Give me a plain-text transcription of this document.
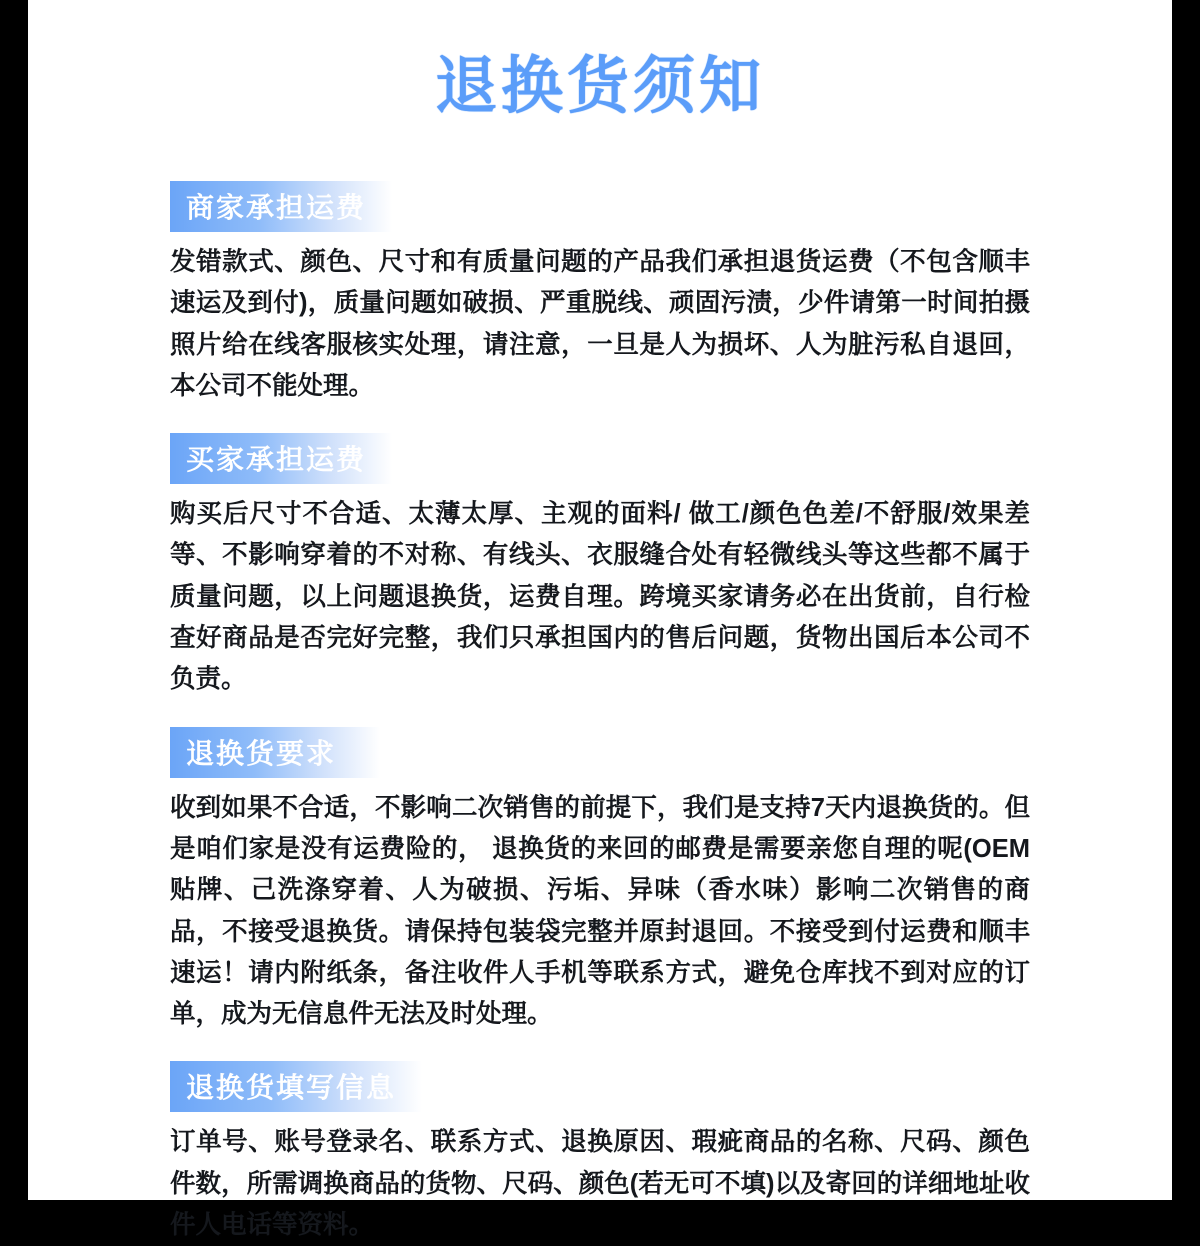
退换货须知
商家承担运费

发错款式、颜色、尺寸和有质量问题的产品我们承担退货运费（不包含顺丰速运及到付)，质量问题如破损、严重脱线、顽固污渍，少件请第一时间拍摄照片给在线客服核实处理，请注意，一旦是人为损坏、人为脏污私自退回，本公司不能处理。

买家承担运费

购买后尺寸不合适、太薄太厚、主观的面料/ 做工/颜色色差/不舒服/效果差等、不影响穿着的不对称、有线头、衣服缝合处有轻微线头等这些都不属于质量问题，以上问题退换货，运费自理。跨境买家请务必在出货前，自行检查好商品是否完好完整，我们只承担国内的售后问题，货物出国后本公司不负责。

退换货要求

收到如果不合适，不影响二次销售的前提下，我们是支持7天内退换货的。但是咱们家是没有运费险的， 退换货的来回的邮费是需要亲您自理的呢(OEM贴牌、己洗涤穿着、人为破损、污垢、异味（香水味）影响二次销售的商品，不接受退换货。请保持包装袋完整并原封退回。不接受到付运费和顺丰速运！请内附纸条，备注收件人手机等联系方式，避免仓库找不到对应的订单，成为无信息件无法及时处理。

退换货填写信息

订单号、账号登录名、联系方式、退换原因、瑕疵商品的名称、尺码、颜色件数，所需调换商品的货物、尺码、颜色(若无可不填)以及寄回的详细地址收件人电话等资料。
